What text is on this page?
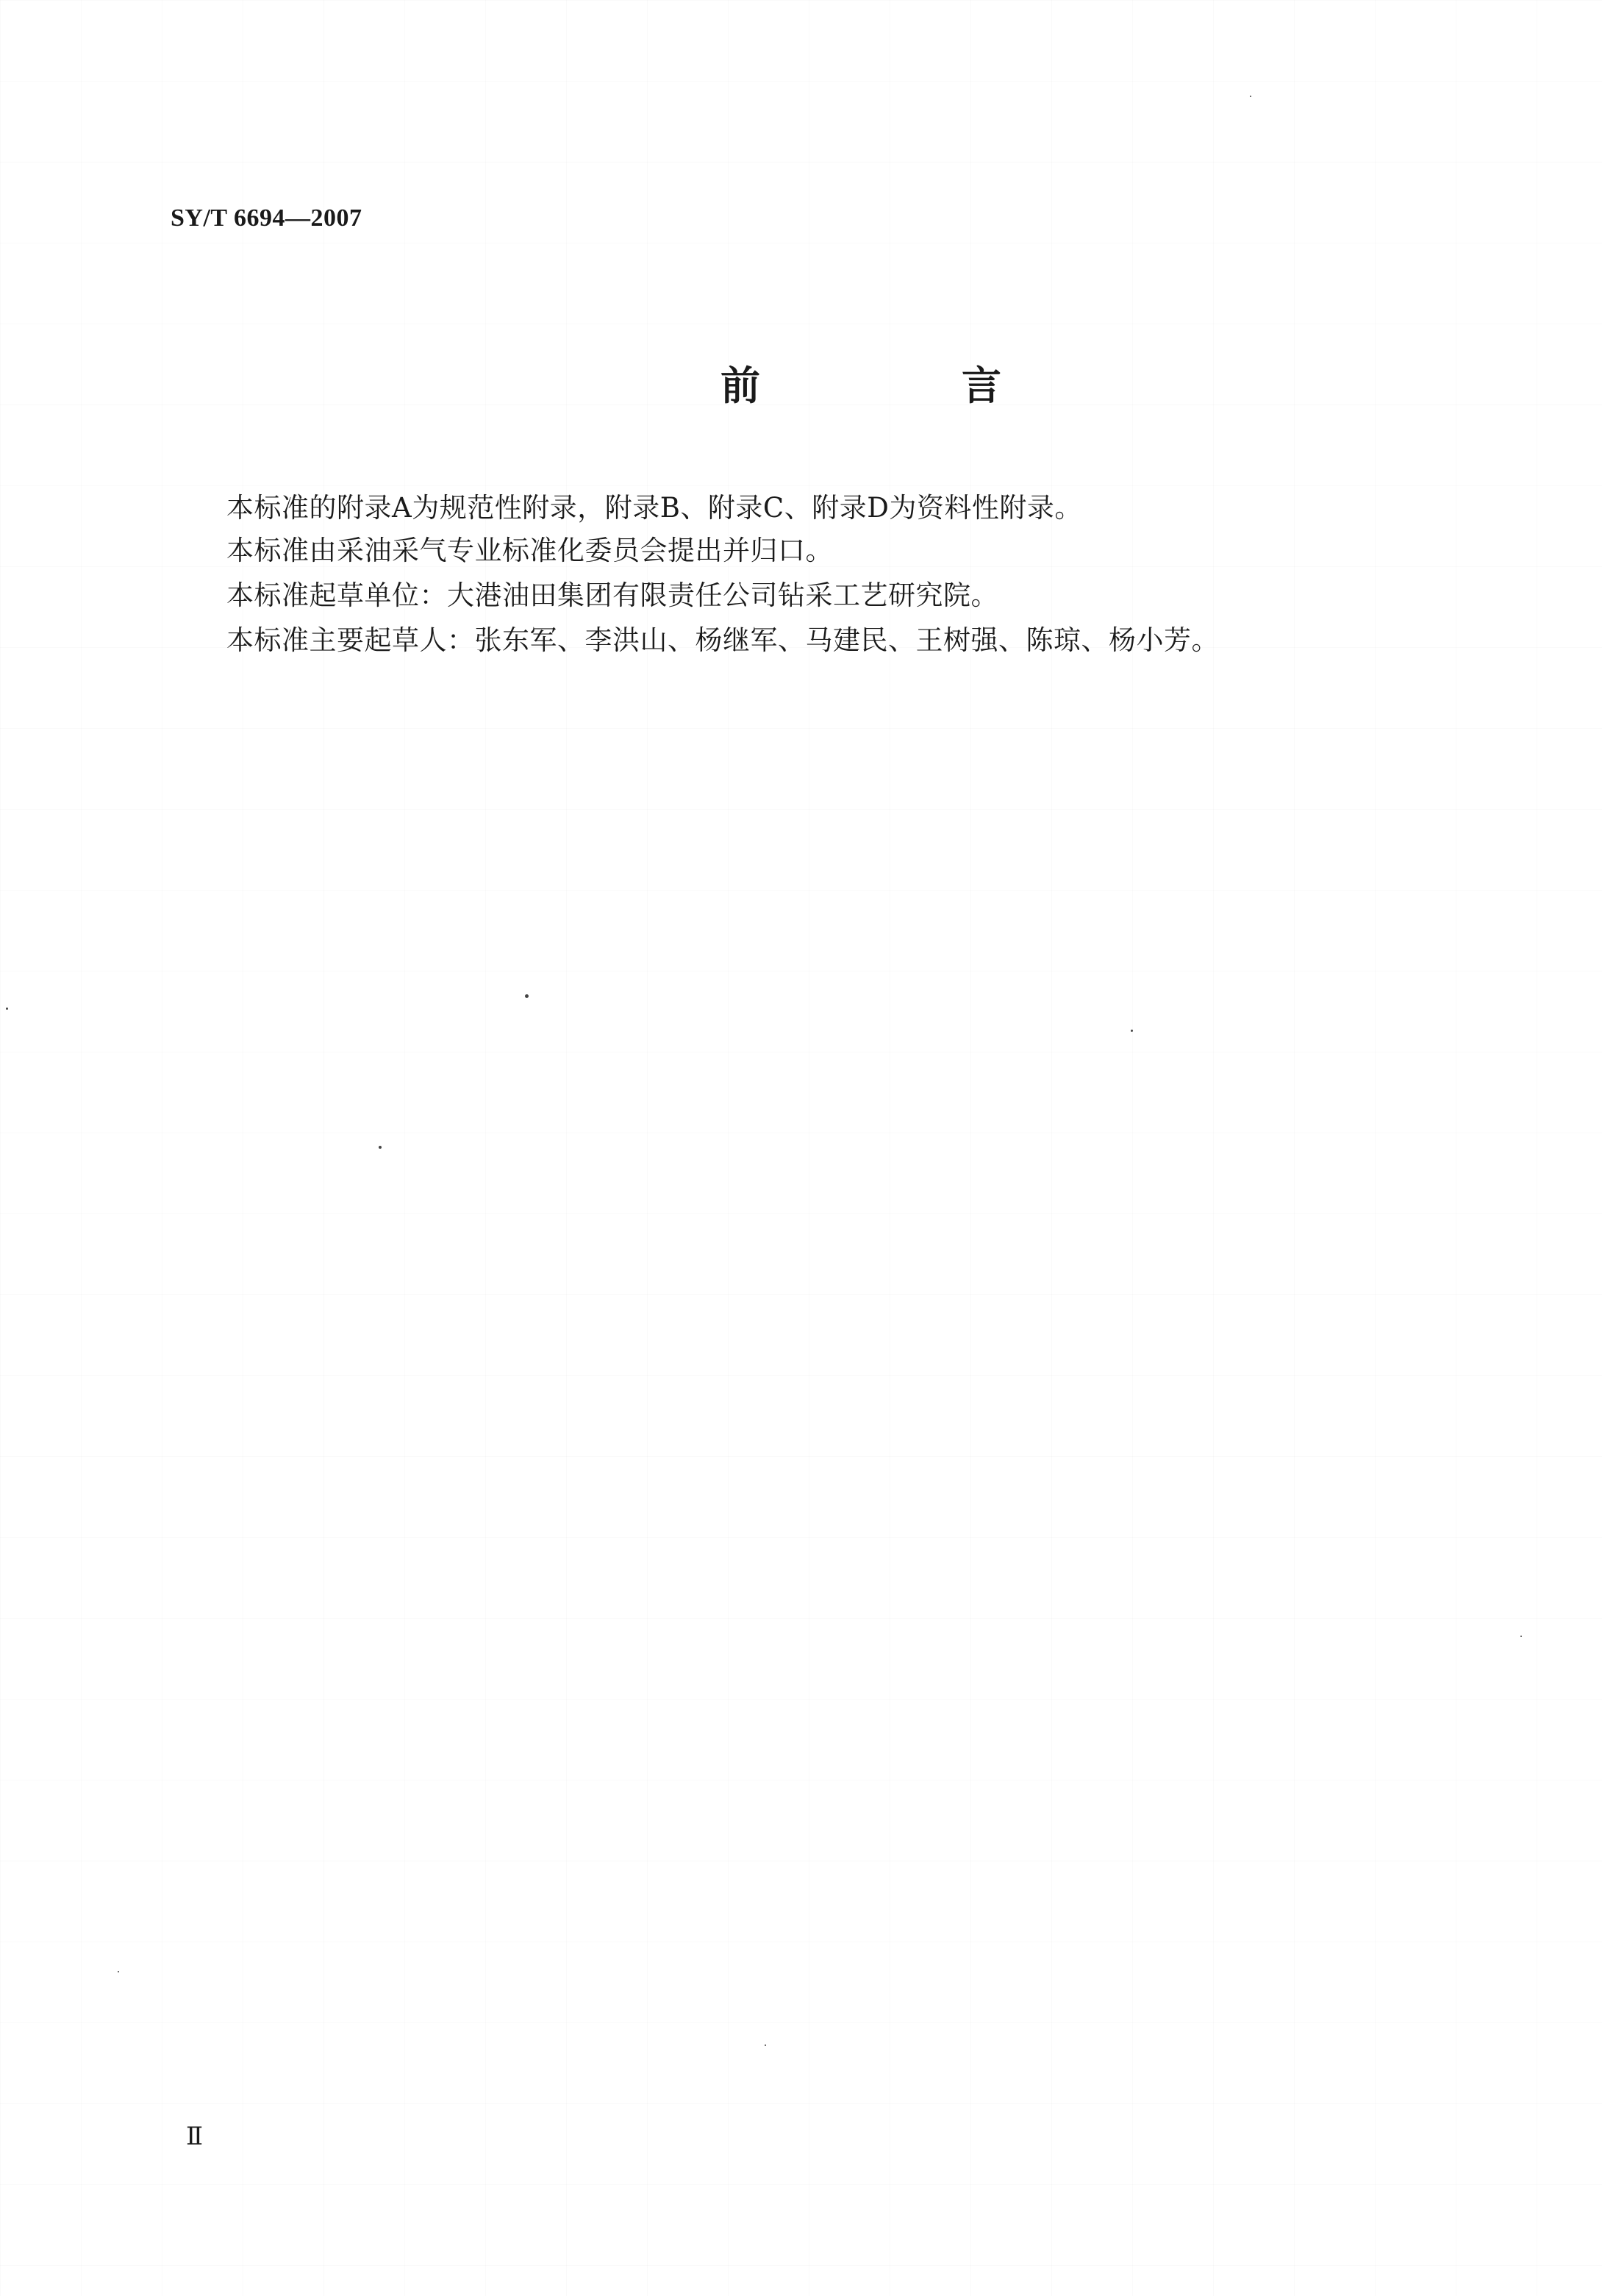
SY/T 6694—2007
前　言
本标准的附录A为规范性附录，附录B、附录C、附录D为资料性附录。
本标准由采油采气专业标准化委员会提出并归口。
本标准起草单位：大港油田集团有限责任公司钻采工艺研究院。
本标准主要起草人：张东军、李洪山、杨继军、马建民、王树强、陈琼、杨小芳。
Ⅱ
